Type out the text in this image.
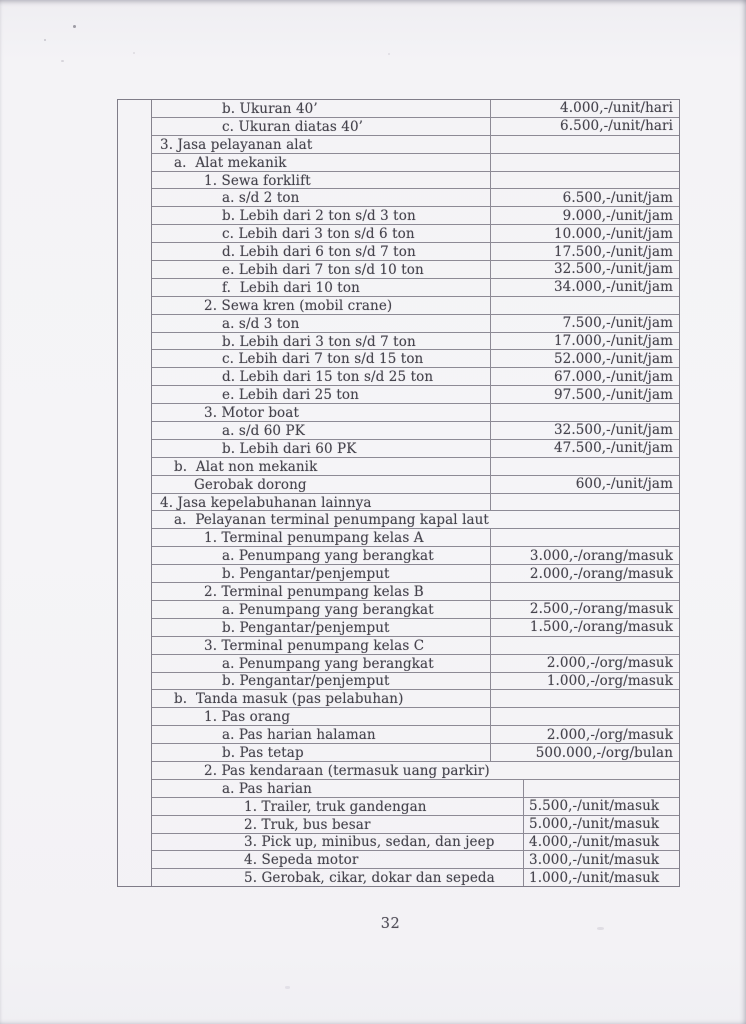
b. Ukuran 40’	4.000,-/unit/hari
c. Ukuran diatas 40’	6.500,-/unit/hari
3. Jasa pelayanan alat
a.  Alat mekanik
1. Sewa forklift
a. s/d 2 ton	6.500,-/unit/jam
b. Lebih dari 2 ton s/d 3 ton	9.000,-/unit/jam
c. Lebih dari 3 ton s/d 6 ton	10.000,-/unit/jam
d. Lebih dari 6 ton s/d 7 ton	17.500,-/unit/jam
e. Lebih dari 7 ton s/d 10 ton	32.500,-/unit/jam
f.  Lebih dari 10 ton	34.000,-/unit/jam
2. Sewa kren (mobil crane)
a. s/d 3 ton	7.500,-/unit/jam
b. Lebih dari 3 ton s/d 7 ton	17.000,-/unit/jam
c. Lebih dari 7 ton s/d 15 ton	52.000,-/unit/jam
d. Lebih dari 15 ton s/d 25 ton	67.000,-/unit/jam
e. Lebih dari 25 ton	97.500,-/unit/jam
3. Motor boat
a. s/d 60 PK	32.500,-/unit/jam
b. Lebih dari 60 PK	47.500,-/unit/jam
b.  Alat non mekanik
Gerobak dorong	600,-/unit/jam
4. Jasa kepelabuhanan lainnya
a.  Pelayanan terminal penumpang kapal laut
1. Terminal penumpang kelas A
a. Penumpang yang berangkat	3.000,-/orang/masuk
b. Pengantar/penjemput	2.000,-/orang/masuk
2. Terminal penumpang kelas B
a. Penumpang yang berangkat	2.500,-/orang/masuk
b. Pengantar/penjemput	1.500,-/orang/masuk
3. Terminal penumpang kelas C
a. Penumpang yang berangkat	2.000,-/org/masuk
b. Pengantar/penjemput	1.000,-/org/masuk
b.  Tanda masuk (pas pelabuhan)
1. Pas orang
a. Pas harian halaman	2.000,-/org/masuk
b. Pas tetap	500.000,-/org/bulan
2. Pas kendaraan (termasuk uang parkir)
a. Pas harian
1. Trailer, truk gandengan	5.500,-/unit/masuk
2. Truk, bus besar	5.000,-/unit/masuk
3. Pick up, minibus, sedan, dan jeep	4.000,-/unit/masuk
4. Sepeda motor	3.000,-/unit/masuk
5. Gerobak, cikar, dokar dan sepeda	1.000,-/unit/masuk
32
